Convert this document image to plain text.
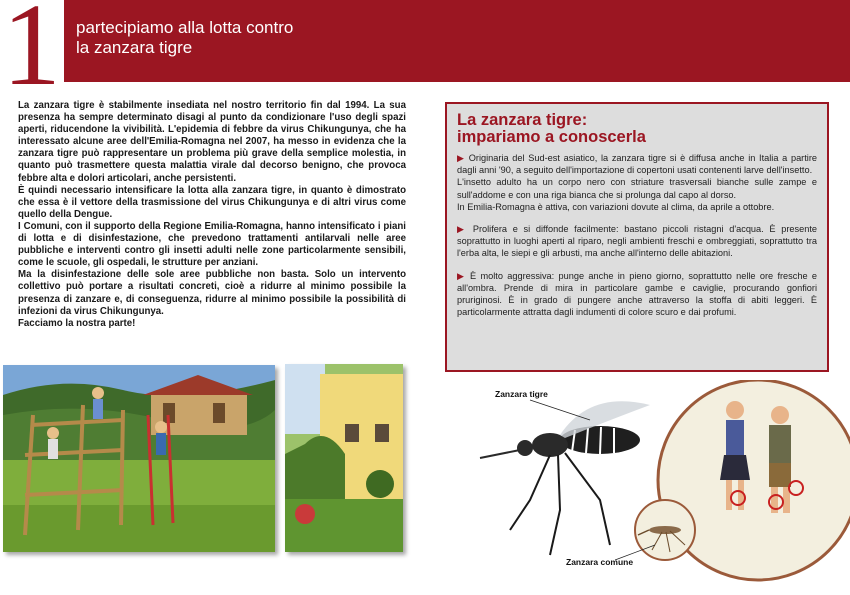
1 partecipiamo alla lotta contro
la zanzara tigre

La zanzara tigre è stabilmente insediata nel nostro territorio fin dal 1994. La sua presenza ha sempre determinato disagi al punto da condizionare l'uso degli spazi aperti, riducendone la vivibilità. L'epidemia di febbre da virus Chikungunya, che ha interessato alcune aree dell'Emilia-Romagna nel 2007, ha messo in evidenza che la zanzara tigre può rappresentare un problema più grave della semplice molestia, in quanto può trasmettere questa malattia virale dal decorso benigno, che provoca febbre alta e dolori articolari, anche persistenti.

È quindi necessario intensificare la lotta alla zanzara tigre, in quanto è dimostrato che essa è il vettore della trasmissione del virus Chikungunya e di altri virus come quello della Dengue.

I Comuni, con il supporto della Regione Emilia-Romagna, hanno intensificato i piani di lotta e di disinfestazione, che prevedono trattamenti antilarvali nelle aree pubbliche e interventi contro gli insetti adulti nelle zone particolarmente sensibili, come le scuole, gli ospedali, le strutture per anziani.

Ma la disinfestazione delle sole aree pubbliche non basta. Solo un intervento collettivo può portare a risultati concreti, cioè a ridurre al minimo possibile la presenza di zanzare e, di conseguenza, ridurre al minimo possibile la possibilità di infezioni da virus Chikungunya.

Facciamo la nostra parte!

La zanzara tigre:
impariamo a conoscerla

▶ Originaria del Sud-est asiatico, la zanzara tigre si è diffusa anche in Italia a partire dagli anni '90, a seguito dell'importazione di copertoni usati contenenti larve dell'insetto.

L'insetto adulto ha un corpo nero con striature trasversali bianche sulle zampe e sull'addome e con una riga bianca che si prolunga dal capo al dorso.

In Emilia-Romagna è attiva, con variazioni dovute al clima, da aprile a ottobre.

▶ Prolifera e si diffonde facilmente: bastano piccoli ristagni d'acqua. È presente soprattutto in luoghi aperti al riparo, negli ambienti freschi e ombreggiati, soprattutto tra l'erba alta, le siepi e gli arbusti, ma anche all'interno delle abitazioni.

▶ È molto aggressiva: punge anche in pieno giorno, soprattutto nelle ore fresche e all'ombra. Prende di mira in particolare gambe e caviglie, procurando gonfiori pruriginosi. È in grado di pungere anche attraverso la stoffa di abiti leggeri. È particolarmente attratta dagli indumenti di colore scuro e dai profumi.

Zanzara tigre
Zanzara comune
